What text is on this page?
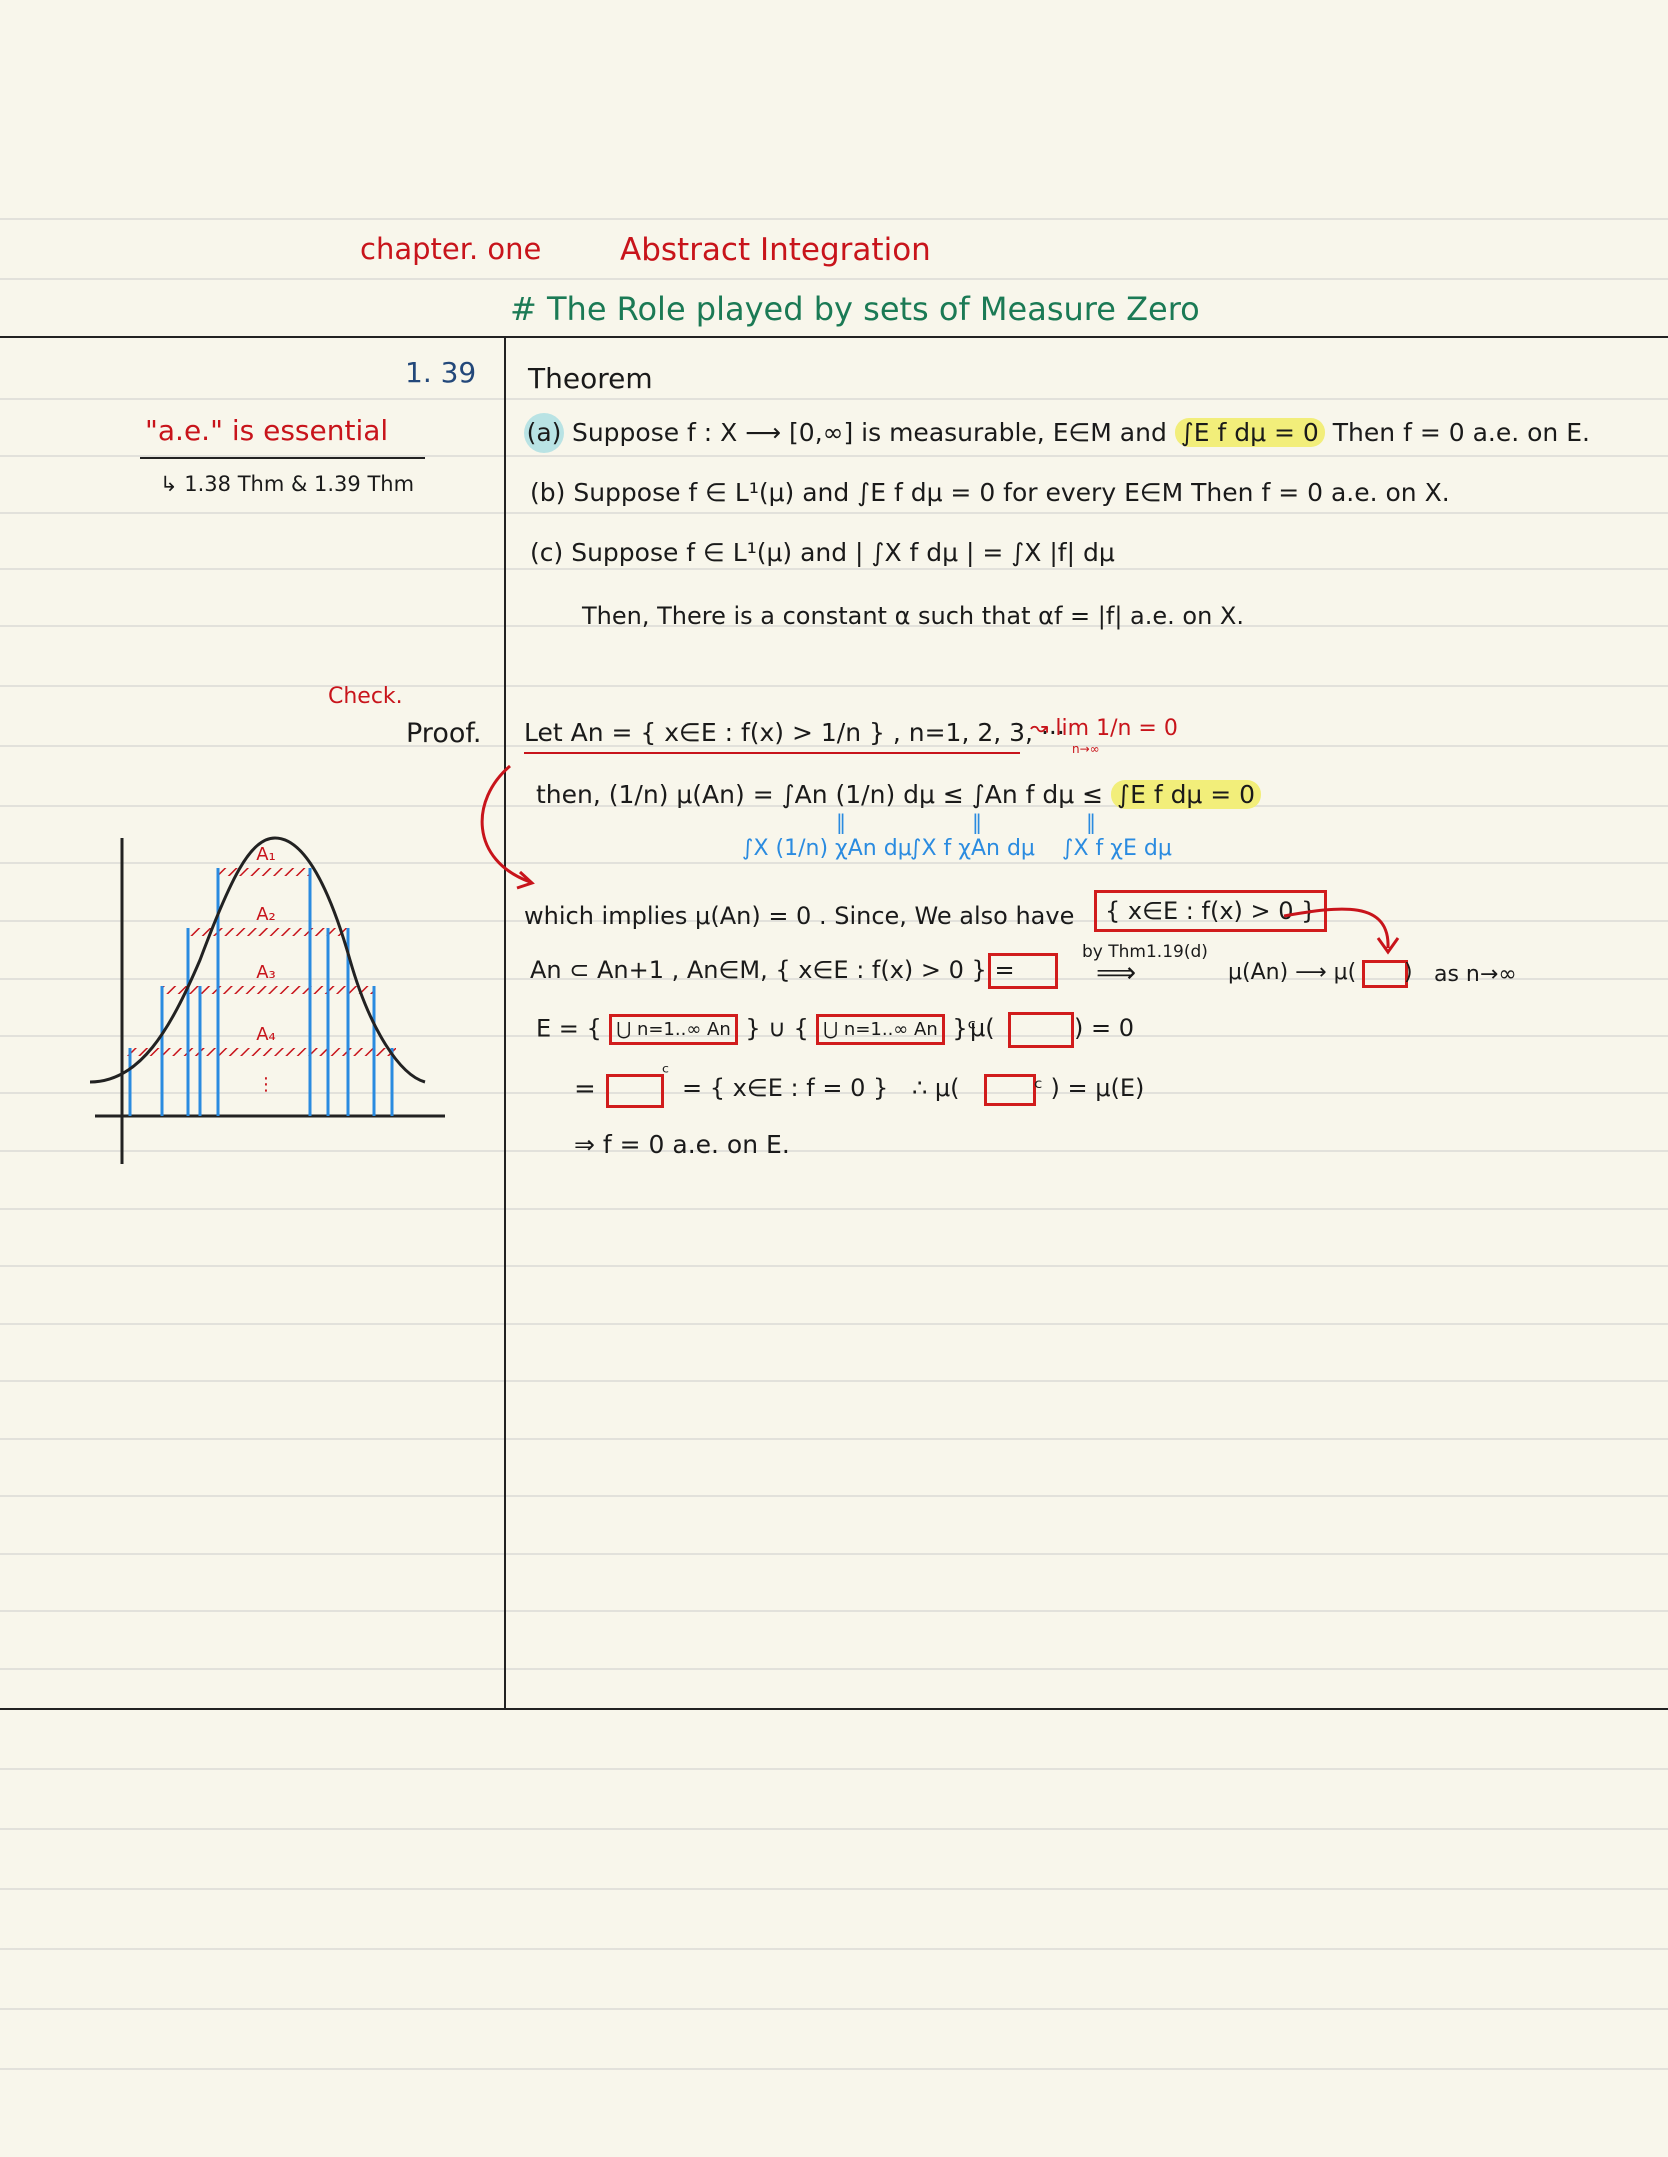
chapter. one	Abstract Integration
# The Role played by sets of Measure Zero
1. 39
"a.e." is essential
↳ 1.38 Thm & 1.39 Thm
Check.
Proof.
A₁
A₂
A₃
A₄
⋮
Theorem
(a) Suppose f : X ⟶ [0,∞] is measurable, E∈M and ∫E f dμ = 0 Then f = 0 a.e. on E.
(b) Suppose f ∈ L¹(μ) and ∫E f dμ = 0 for every E∈M Then f = 0 a.e. on X.
(c) Suppose f ∈ L¹(μ) and | ∫X f dμ | = ∫X |f| dμ
Then, There is a constant α such that αf = |f| a.e. on X.
Let An = { x∈E : f(x) > 1/n } , n=1, 2, 3, ···
↝ lim 1/n = 0
n→∞
then, (1/n) μ(An) = ∫An (1/n) dμ ≤ ∫An f dμ ≤ ∫E f dμ = 0
‖	‖	‖
∫X (1/n) χAn dμ
∫X f χAn dμ ∫X f χE dμ
which implies μ(An) = 0 . Since, We also have	{ x∈E : f(x) > 0 }
An ⊂ An+1 , An∈M, { x∈E : f(x) > 0 } =
by Thm1.19(d)
⟹	μ(An) ⟶ μ( ) as n→∞
E = { ⋃ n=1..∞ An } ∪ { ⋃ n=1..∞ An }ᶜ
μ(	) = 0
=
ᶜ
= { x∈E : f = 0 } ∴ μ(	ᶜ ) = μ(E)
⇒ f = 0 a.e. on E.
